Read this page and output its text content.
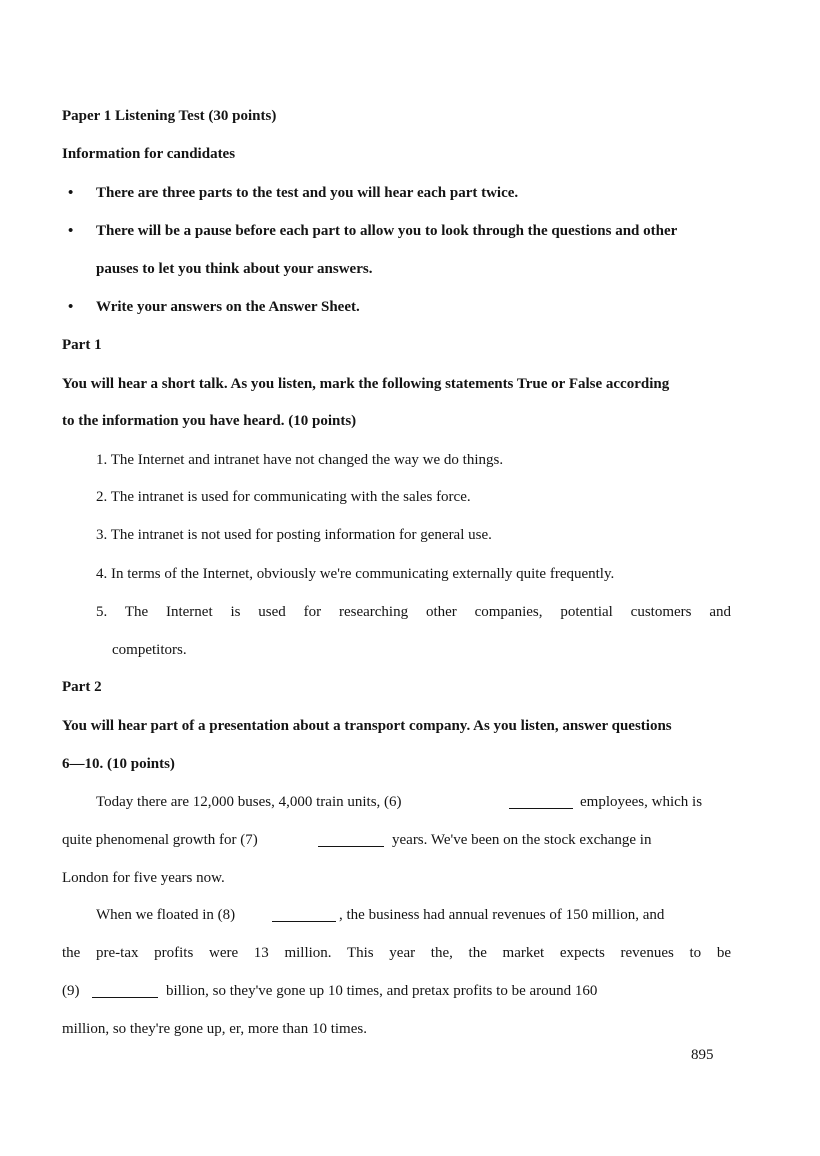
Paper 1 Listening Test (30 points)
Information for candidates
• There are three parts to the test and you will hear each part twice.
• There will be a pause before each part to allow you to look through the questions and other
pauses to let you think about your answers.
• Write your answers on the Answer Sheet.
Part 1
You will hear a short talk. As you listen, mark the following statements True or False according
to the information you have heard. (10 points)
1. The Internet and intranet have not changed the way we do things.
2. The intranet is used for communicating with the sales force.
3. The intranet is not used for posting information for general use.
4. In terms of the Internet, obviously we're communicating externally quite frequently.
5. The Internet is used for researching other companies, potential customers and
competitors.
Part 2
You will hear part of a presentation about a transport company. As you listen, answer questions
6—10. (10 points)
Today there are 12,000 buses, 4,000 train units, (6)	employees, which is
quite phenomenal growth for (7)	years. We've been on the stock exchange in
London for five years now.
When we floated in (8)	, the business had annual revenues of 150 million, and
the pre-tax profits were 13 million. This year the, the market expects revenues to be
(9)	billion, so they've gone up 10 times, and pretax profits to be around 160
million, so they're gone up, er, more than 10 times.
895
